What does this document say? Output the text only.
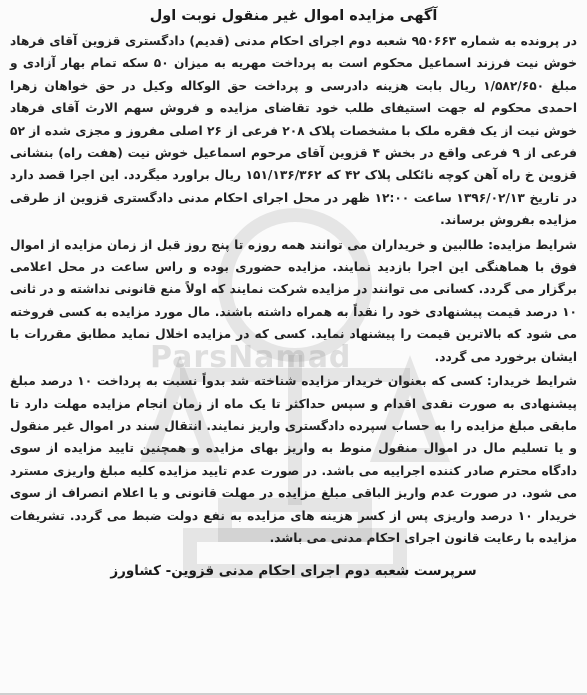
ParsNamad
آگهی مزایده اموال غیر منقول نوبت اول

در پرونده به شماره ۹۵۰۶۶۳ شعبه دوم اجرای احکام مدنی (قدیم) دادگستری قزوین آقای فرهاد خوش نیت فرزند اسماعیل محکوم است به پرداخت مهریه به میزان ۵۰ سکه تمام بهار آزادی و مبلغ ۱/۵۸۲/۶۵۰ ریال بابت هزینه دادرسی و پرداخت حق الوکاله وکیل در حق خواهان زهرا احمدی محکوم له جهت استیفای طلب خود تقاضای مزایده و فروش سهم الارث آقای فرهاد خوش نیت از یک فقره ملک با مشخصات پلاک ۲۰۸ فرعی از ۲۶ اصلی مفروز و مجزی شده از ۵۲ فرعی از ۹ فرعی واقع در بخش ۴ قزوین آقای مرحوم اسماعیل خوش نیت (هفت راه) بنشانی قزوین خ راه آهن کوچه نائکلی پلاک ۴۲ که ۱۵۱/۱۳۶/۳۶۲ ریال براورد میگردد. این اجرا قصد دارد در تاریخ ۱۳۹۶/۰۲/۱۳ ساعت ۱۲:۰۰ ظهر در محل اجرای احکام مدنی دادگستری قزوین از طرقی مزایده بفروش برساند.

شرایط مزایده: طالبین و خریداران می توانند همه روزه تا پنج روز قبل از زمان مزایده از اموال فوق با هماهنگی این اجرا بازدید نمایند. مزایده حضوری بوده و راس ساعت در محل اعلامی برگزار می گردد. کسانی می توانند در مزایده شرکت نمایند که اولاً منع قانونی نداشته و در ثانی ۱۰ درصد قیمت پیشنهادی خود را نقداً به همراه داشته باشند. مال مورد مزایده به کسی فروخته می شود که بالاترین قیمت را پیشنهاد نماید. کسی که در مزایده اخلال نماید مطابق مقررات با ایشان برخورد می گردد.

شرایط خریدار: کسی که بعنوان خریدار مزایده شناخته شد بدواً نسبت به پرداخت ۱۰ درصد مبلغ پیشنهادی به صورت نقدی اقدام و سپس حداکثر تا یک ماه از زمان انجام مزایده مهلت دارد تا مابقی مبلغ مزایده را به حساب سپرده دادگستری واریز نمایند. انتقال سند در اموال غیر منقول و یا تسلیم مال در اموال منقول منوط به واریز بهای مزایده و همچنین تایید مزایده از سوی دادگاه محترم صادر کننده اجراییه می باشد. در صورت عدم تایید مزایده کلیه مبلغ واریزی مسترد می شود. در صورت عدم واریز الباقی مبلغ مزایده در مهلت قانونی و یا اعلام انصراف از سوی خریدار ۱۰ درصد واریزی پس از کسر هزینه های مزایده به نفع دولت ضبط می گردد. تشریفات مزایده با رعایت قانون اجرای احکام مدنی می باشد.

سرپرست شعبه دوم اجرای احکام مدنی قزوین- کشاورز
